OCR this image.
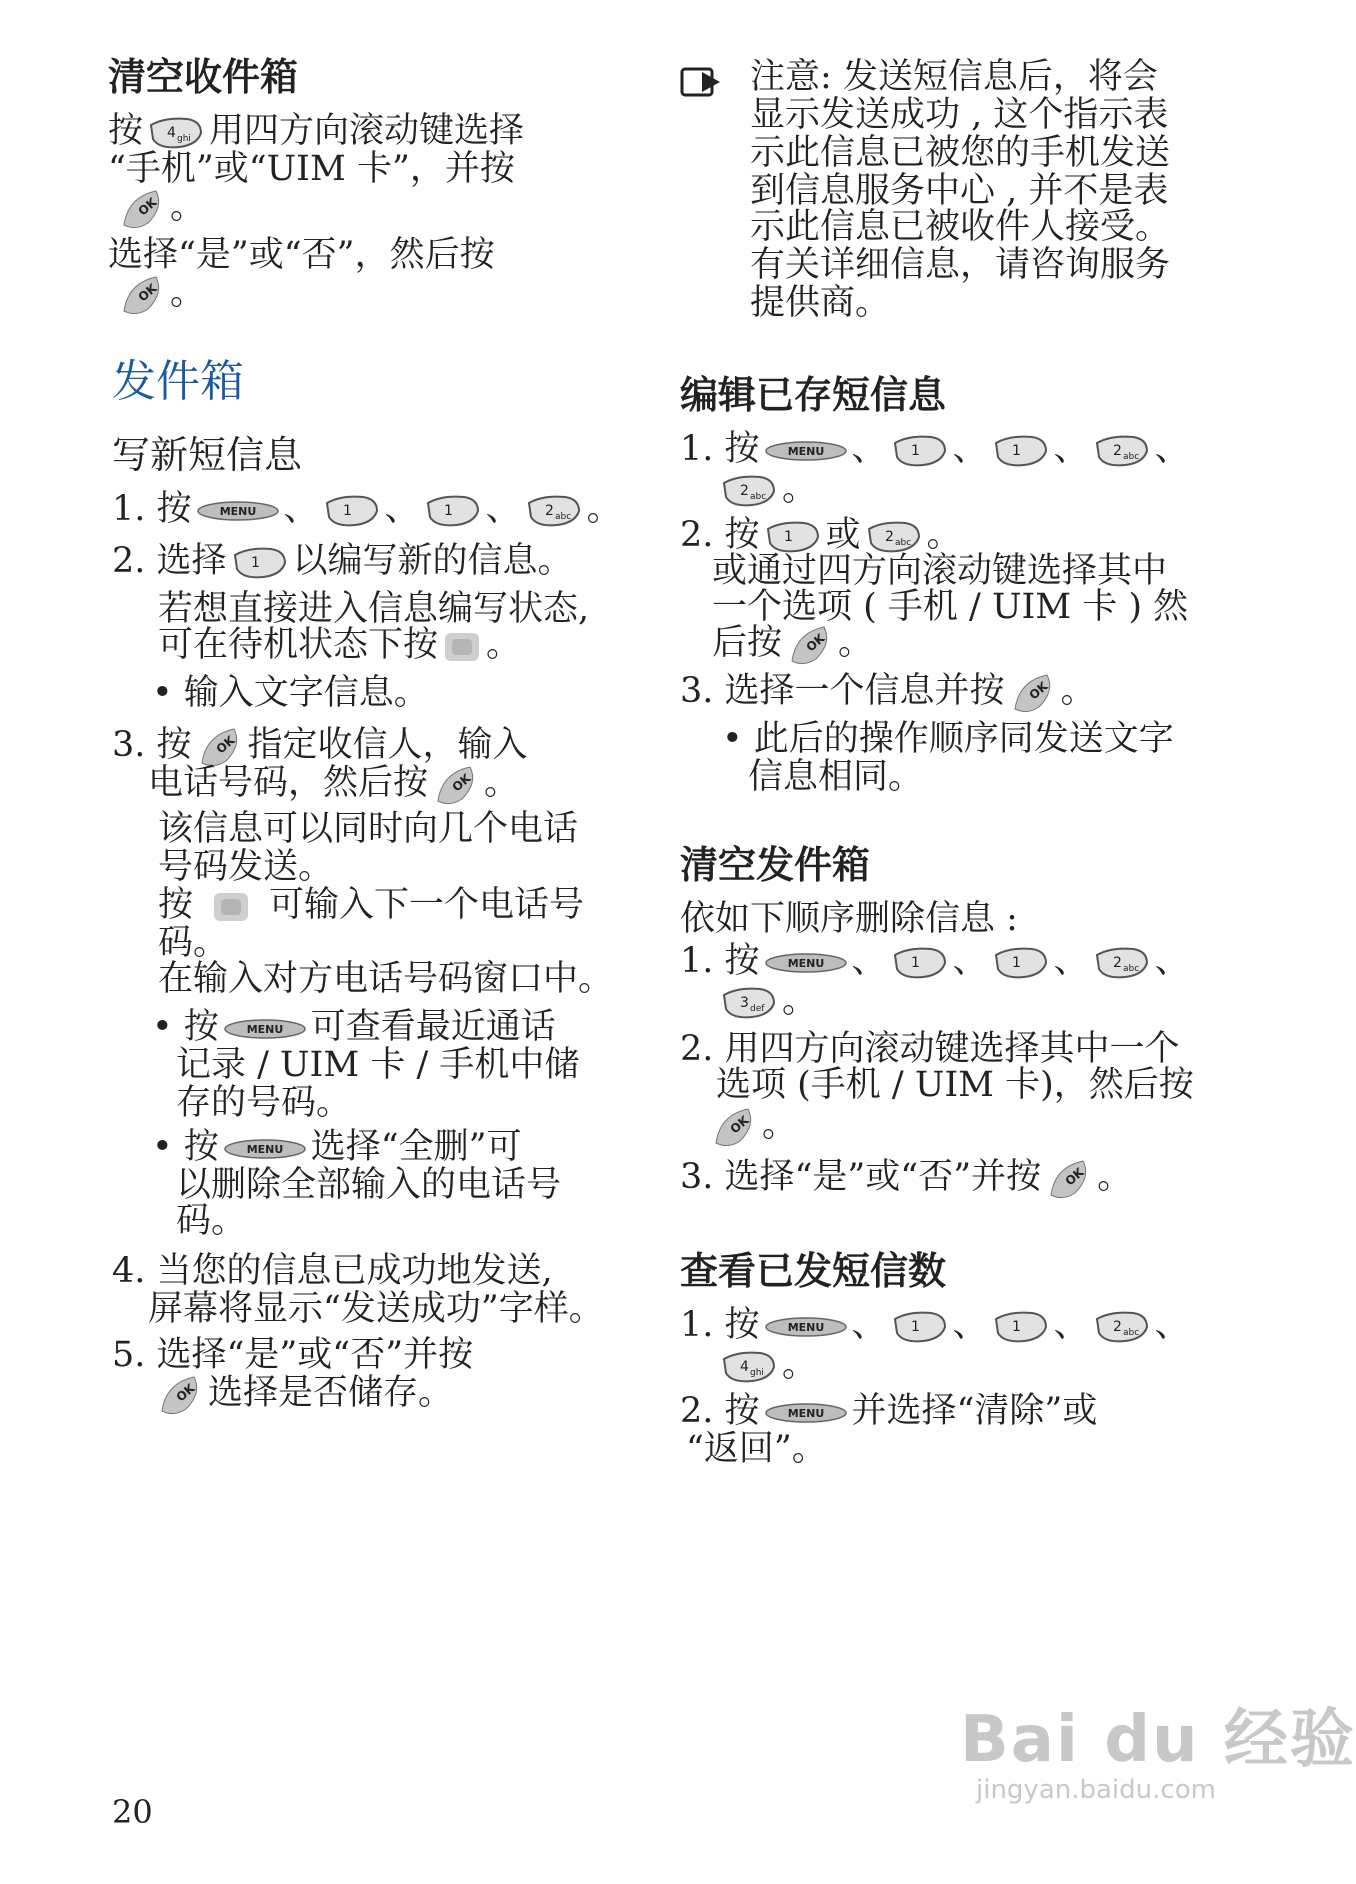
清空收件箱
按 4 ghi 用四方向滚动键选择
“手机”或“UIM 卡”，并按
OK 。
选择“是”或“否”，然后按
OK 。
发件箱
写新短信息
1. 按	MENU 、 1 、 1 、 2 abc 。
2. 选择 1 以编写新的信息。
若想直接进入信息编写状态,
可在待机状态下按 。
• 输入文字信息。
3. 按 OK 指定收信人，输入
电话号码，然后按 OK 。
该信息可以同时向几个电话
号码发送。
按 可输入下一个电话号
码。
在输入对方电话号码窗口中。
• 按	MENU 可查看最近通话
记录 / UIM 卡 / 手机中储
存的号码。
• 按	MENU 选择“全删”可
以删除全部输入的电话号
码。
4. 当您的信息已成功地发送,
屏幕将显示“发送成功”字样。
5. 选择“是”或“否”并按
OK 选择是否储存。
20
注意: 发送短信息后，将会
显示发送成功 , 这个指示表
示此信息已被您的手机发送
到信息服务中心 , 并不是表
示此信息已被收件人接受。
有关详细信息，请咨询服务
提供商。
编辑已存短信息
1. 按	MENU 、 1 、 1 、 2 abc 、
2 abc 。
2. 按 1 或 2 abc 。
或通过四方向滚动键选择其中
一个选项 ( 手机 / UIM 卡 ) 然
后按 OK 。
3. 选择一个信息并按 OK 。
• 此后的操作顺序同发送文字
信息相同。
清空发件箱
依如下顺序删除信息 :
1. 按	MENU 、 1 、 1 、 2 abc 、
3 def 。
2. 用四方向滚动键选择其中一个
选项 (手机 / UIM 卡)，然后按
OK 。
3. 选择“是”或“否”并按 OK 。
查看已发短信数
1. 按	MENU 、 1 、 1 、 2 abc 、
4 ghi 。
2. 按	MENU 并选择“清除”或
“返回”。
Bai du 经验
jingyan.baidu.com
